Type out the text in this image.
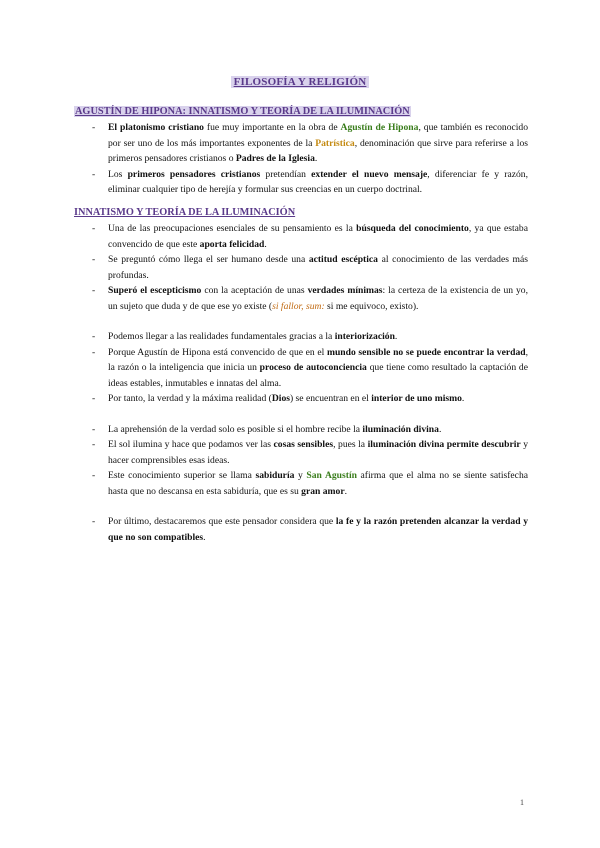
FILOSOFÍA Y RELIGIÓN
AGUSTÍN DE HIPONA: INNATISMO Y TEORÍA DE LA ILUMINACIÓN
- El platonismo cristiano fue muy importante en la obra de Agustín de Hipona, que también es reconocido por ser uno de los más importantes exponentes de la Patrística, denominación que sirve para referirse a los primeros pensadores cristianos o Padres de la Iglesia.
- Los primeros pensadores cristianos pretendían extender el nuevo mensaje, diferenciar fe y razón, eliminar cualquier tipo de herejía y formular sus creencias en un cuerpo doctrinal.
INNATISMO Y TEORÍA DE LA ILUMINACIÓN
- Una de las preocupaciones esenciales de su pensamiento es la búsqueda del conocimiento, ya que estaba convencido de que este aporta felicidad.
- Se preguntó cómo llega el ser humano desde una actitud escéptica al conocimiento de las verdades más profundas.
- Superó el escepticismo con la aceptación de unas verdades mínimas: la certeza de la existencia de un yo, un sujeto que duda y de que ese yo existe (si fallor, sum: si me equivoco, existo).
- Podemos llegar a las realidades fundamentales gracias a la interiorización.
- Porque Agustín de Hipona está convencido de que en el mundo sensible no se puede encontrar la verdad, la razón o la inteligencia que inicia un proceso de autoconciencia que tiene como resultado la captación de ideas estables, inmutables e innatas del alma.
- Por tanto, la verdad y la máxima realidad (Dios) se encuentran en el interior de uno mismo.
- La aprehensión de la verdad solo es posible si el hombre recibe la iluminación divina.
- El sol ilumina y hace que podamos ver las cosas sensibles, pues la iluminación divina permite descubrir y hacer comprensibles esas ideas.
- Este conocimiento superior se llama sabiduría y San Agustín afirma que el alma no se siente satisfecha hasta que no descansa en esta sabiduría, que es su gran amor.
- Por último, destacaremos que este pensador considera que la fe y la razón pretenden alcanzar la verdad y que no son compatibles.
1
